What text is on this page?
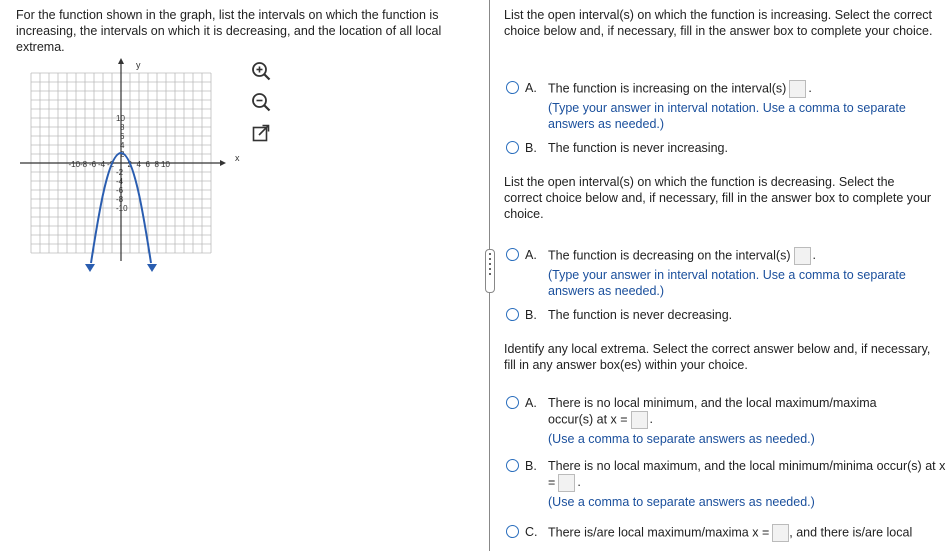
For the function shown in the graph, list the intervals on which the function is increasing, the intervals on which it is decreasing, and the location of all local extrema.
-10 -8 -6 -4 -2 2 4 6 8 10
10
8
6
4
2
-2
-4
-6
-8
-10
x
y
List the open interval(s) on which the function is increasing. Select the correct choice below and, if necessary, fill in the answer box to complete your choice.
A. The function is increasing on the interval(s) .
(Type your answer in interval notation. Use a comma to separate answers as needed.)
B. The function is never increasing.
List the open interval(s) on which the function is decreasing. Select the correct choice below and, if necessary, fill in the answer box to complete your choice.
A. The function is decreasing on the interval(s) .
(Type your answer in interval notation. Use a comma to separate answers as needed.)
B. The function is never decreasing.
Identify any local extrema. Select the correct answer below and, if necessary, fill in any answer box(es) within your choice.
A. There is no local minimum, and the local maximum/maxima occur(s) at x = .
(Use a comma to separate answers as needed.)
B. There is no local maximum, and the local minimum/minima occur(s) at x = .
(Use a comma to separate answers as needed.)
C. There is/are local maximum/maxima x = , and there is/are local
